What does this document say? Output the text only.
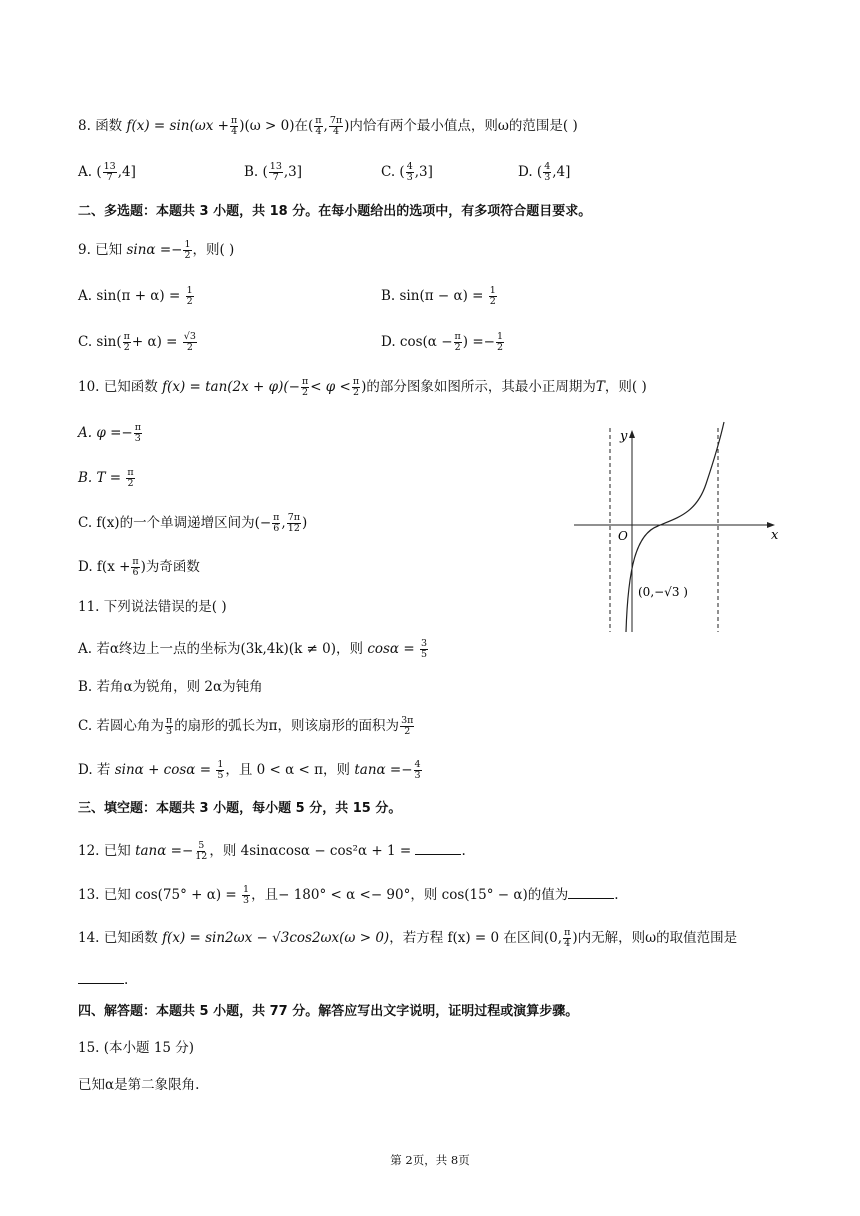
8. 函数 $f(x) = \sin(\omega x + \frac{\pi}{4} )(\omega > 0)$在( $\frac{\pi}{4}$ , $\frac{7\pi}{4}$ )内恰有两个最小值点，则ω的范围是( )
A. ( $\frac{13}{7} ,4$]	B. ( $\frac{13}{7} ,3$]	C. ( $\frac{4}{3} ,3$]	D. ( $\frac{4}{3} ,4$]
二、多选题：本题共 3 小题，共 18 分。在每小题给出的选项中，有多项符合题目要求。
9. 已知 $\sin\alpha =- \frac{1}{2}$ ，则( )
A. $\sin(\pi + \alpha) = \frac{1}{2}$	B. $\sin(\pi - \alpha) = \frac{1}{2}$
C. $\sin( \frac{\pi}{2} + \alpha) = \frac{√3}{2}$	D. $\cos(\alpha - \frac{\pi}{2}$ ) =− $\frac{1}{2}$
10. 已知函数 $f(x) = \tan(2x + \varphi)(- \frac{\pi}{2} < \varphi < \frac{\pi}{2}$ )的部分图象如图所示，其最小正周期为T，则( )
A. $\varphi =- \frac{\pi}{3}$
B. $T = \frac{\pi}{2}$
C. f(x)的一个单调递增区间为(− $\frac{\pi}{6}$ , $\frac{7\pi}{12}$ )
D. $f(x + \frac{\pi}{6}$ )为奇函数
y
x
O
(0,−√3 )
11. 下列说法错误的是( )
A. 若α终边上一点的坐标为(3k,4k)(k ≠ 0)，则 $\cos\alpha = \frac{3}{5}$
B. 若角α为锐角，则 2α为钝角
C. 若圆心角为 $\frac{\pi}{3}$ 的扇形的弧长为π，则该扇形的面积为 $\frac{3\pi}{2}$
D. 若 $\sin\alpha + \cos\alpha = \frac{1}{5}$ ，且 0 < α < π，则 $\tan\alpha =- \frac{4}{3}$
三、填空题：本题共 3 小题，每小题 5 分，共 15 分。
12. 已知 $\tan\alpha =- \frac{5}{12}$ ，则 4sinαcosα − cos²α + 1 =	.
13. 已知 $\cos(75^\circ + \alpha) = \frac{1}{3}$ ，且− 180° < α <− 90°，则 cos(15° − α)的值为	.
14. 已知函数 f(x) = sin2ωx − √3cos2ωx(ω > 0)，若方程 f(x) = 0 在区间(0, $\frac{\pi}{4}$ )内无解，则ω的取值范围是
.
四、解答题：本题共 5 小题，共 77 分。解答应写出文字说明，证明过程或演算步骤。
15. (本小题 15 分)
已知α是第二象限角.
第 2页，共 8页
